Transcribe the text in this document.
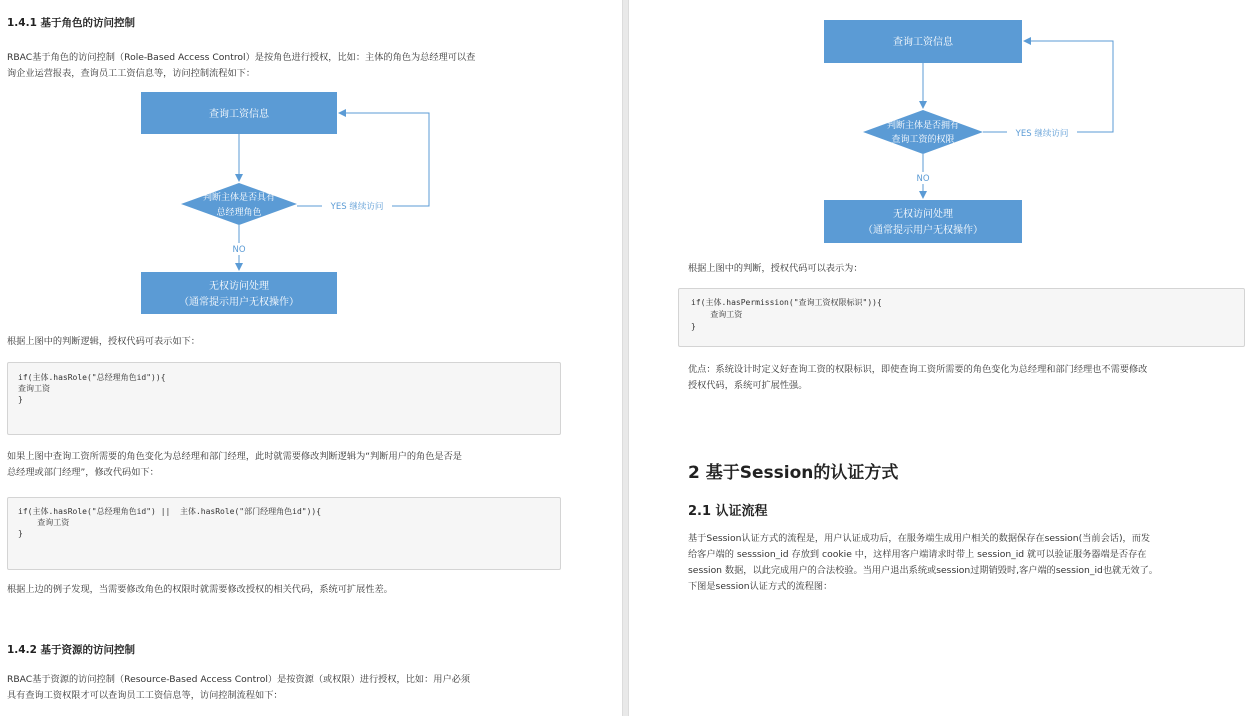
1.4.1 基于角色的访问控制
RBAC基于角色的访问控制（Role-Based Access Control）是按角色进行授权，比如：主体的角色为总经理可以查
询企业运营报表，查询员工工资信息等，访问控制流程如下：
查询工资信息
判断主体是否具有
总经理角色
YES 继续访问
NO
无权访问处理
（通常提示用户无权操作）
根据上图中的判断逻辑，授权代码可表示如下：
if(主体.hasRole("总经理角色id")){
查询工资
}
如果上图中查询工资所需要的角色变化为总经理和部门经理，此时就需要修改判断逻辑为“判断用户的角色是否是
总经理或部门经理”，修改代码如下：
if(主体.hasRole("总经理角色id") ||  主体.hasRole("部门经理角色id")){
查询工资
}
根据上边的例子发现，当需要修改角色的权限时就需要修改授权的相关代码，系统可扩展性差。
1.4.2 基于资源的访问控制
RBAC基于资源的访问控制（Resource-Based Access Control）是按资源（或权限）进行授权，比如：用户必须
具有查询工资权限才可以查询员工工资信息等，访问控制流程如下：
查询工资信息
判断主体是否拥有
查询工资的权限
YES 继续访问
NO
无权访问处理
（通常提示用户无权操作）
根据上图中的判断，授权代码可以表示为：
if(主体.hasPermission("查询工资权限标识")){
查询工资
}
优点：系统设计时定义好查询工资的权限标识，即使查询工资所需要的角色变化为总经理和部门经理也不需要修改
授权代码，系统可扩展性强。
2 基于Session的认证方式
2.1 认证流程
基于Session认证方式的流程是，用户认证成功后，在服务端生成用户相关的数据保存在session(当前会话)，而发
给客户端的 sesssion_id 存放到 cookie 中，这样用客户端请求时带上 session_id 就可以验证服务器端是否存在
session 数据，以此完成用户的合法校验。当用户退出系统或session过期销毁时,客户端的session_id也就无效了。
下图是session认证方式的流程图：
